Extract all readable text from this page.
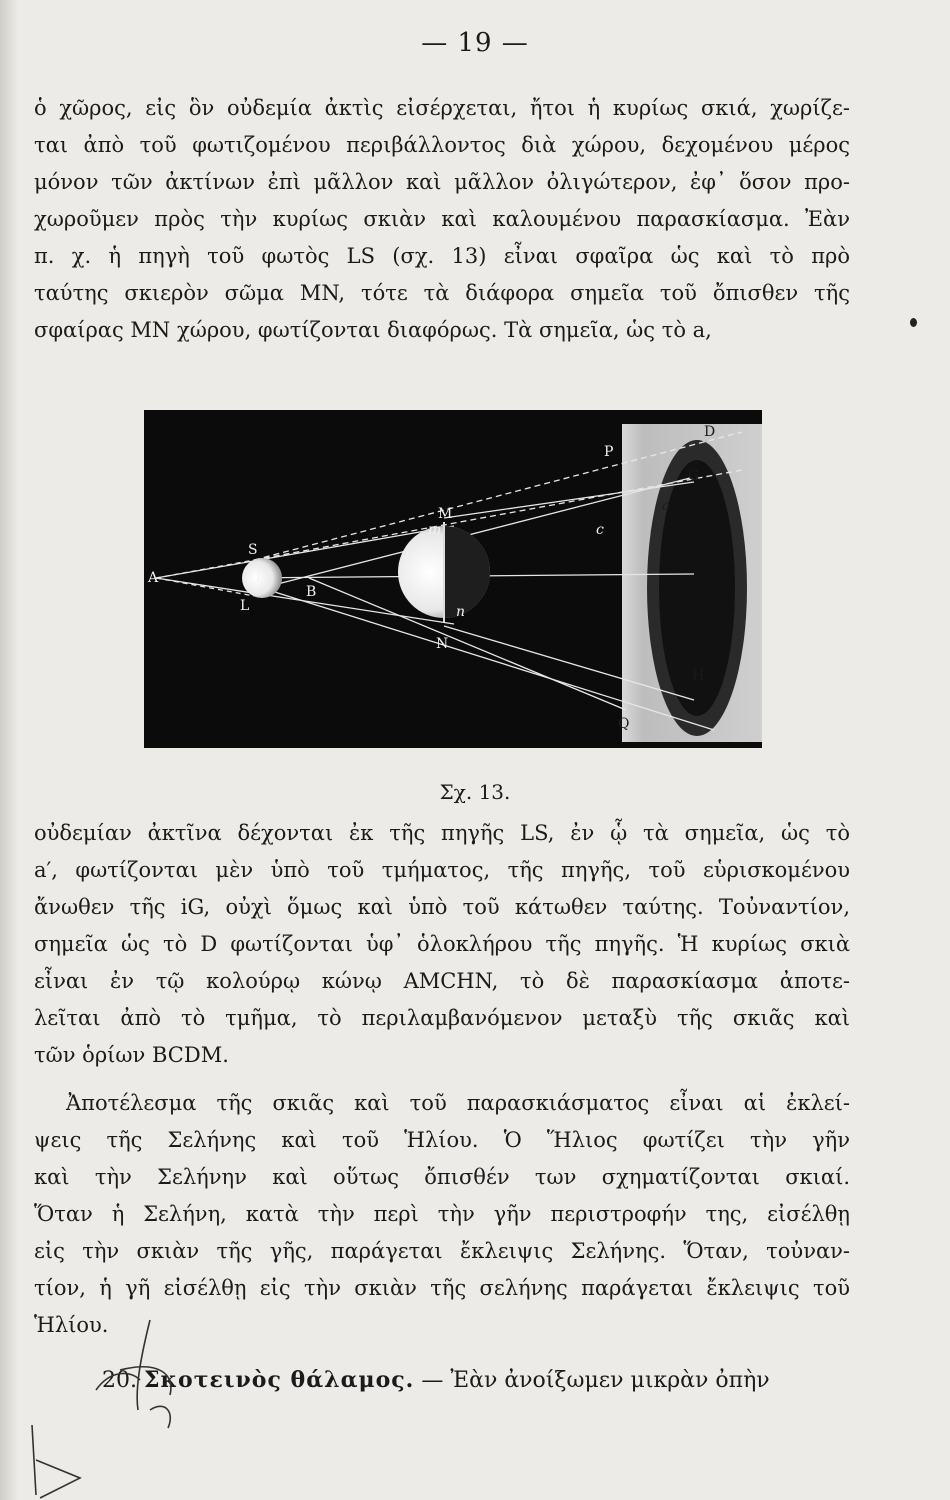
— 19 —
ὁ χῶρος, εἰς ὃν οὐδεμία ἀκτὶς εἰσέρχεται, ἤτοι ἡ κυρίως σκιά, χωρίζε-
ται ἀπὸ τοῦ φωτιζομένου περιβάλλοντος διὰ χώρου, δεχομένου μέρος
μόνον τῶν ἀκτίνων ἐπὶ μᾶλλον καὶ μᾶλλον ὀλιγώτερον, ἐφ᾽ ὅσον προ-
χωροῦμεν πρὸς τὴν κυρίως σκιὰν καὶ καλουμένου παρασκίασμα. Ἐὰν
π. χ. ἡ πηγὴ τοῦ φωτὸς LS (σχ. 13) εἶναι σφαῖρα ὡς καὶ τὸ πρὸ
ταύτης σκιερὸν σῶμα MN, τότε τὰ διάφορα σημεῖα τοῦ ὄπισθεν τῆς
σφαίρας MN χώρου, φωτίζονται διαφόρως. Τὰ σημεῖα, ὡς τὸ a,
A
S
i
L
B
M
m
n
N
P
D
G
a
c
H
Q
Σχ. 13.
οὐδεμίαν ἀκτῖνα δέχονται ἐκ τῆς πηγῆς LS, ἐν ᾧ τὰ σημεῖα, ὡς τὸ
a′, φωτίζονται μὲν ὑπὸ τοῦ τμήματος, τῆς πηγῆς, τοῦ εὑρισκομένου
ἄνωθεν τῆς iG, οὐχὶ ὅμως καὶ ὑπὸ τοῦ κάτωθεν ταύτης. Τοὐναντίον,
σημεῖα ὡς τὸ D φωτίζονται ὑφ᾽ ὁλοκλήρου τῆς πηγῆς. Ἡ κυρίως σκιὰ
εἶναι ἐν τῷ κολούρῳ κώνῳ AMCHN, τὸ δὲ παρασκίασμα ἀποτε-
λεῖται ἀπὸ τὸ τμῆμα, τὸ περιλαμβανόμενον μεταξὺ τῆς σκιᾶς καὶ
τῶν ὁρίων BCDM.
Ἀποτέλεσμα τῆς σκιᾶς καὶ τοῦ παρασκιάσματος εἶναι αἱ ἐκλεί-
ψεις τῆς Σελήνης καὶ τοῦ Ἡλίου. Ὁ Ἥλιος φωτίζει τὴν γῆν
καὶ τὴν Σελήνην καὶ οὕτως ὄπισθέν των σχηματίζονται σκιαί.
Ὅταν ἡ Σελήνη, κατὰ τὴν περὶ τὴν γῆν περιστροφήν της, εἰσέλθῃ
εἰς τὴν σκιὰν τῆς γῆς, παράγεται ἔκλειψις Σελήνης. Ὅταν, τοὐναν-
τίον, ἡ γῆ εἰσέλθῃ εἰς τὴν σκιὰν τῆς σελήνης παράγεται ἔκλειψις τοῦ
Ἡλίου.
20. Σκοτεινὸς θάλαμος. — Ἐὰν ἀνοίξωμεν μικρὰν ὀπὴν
